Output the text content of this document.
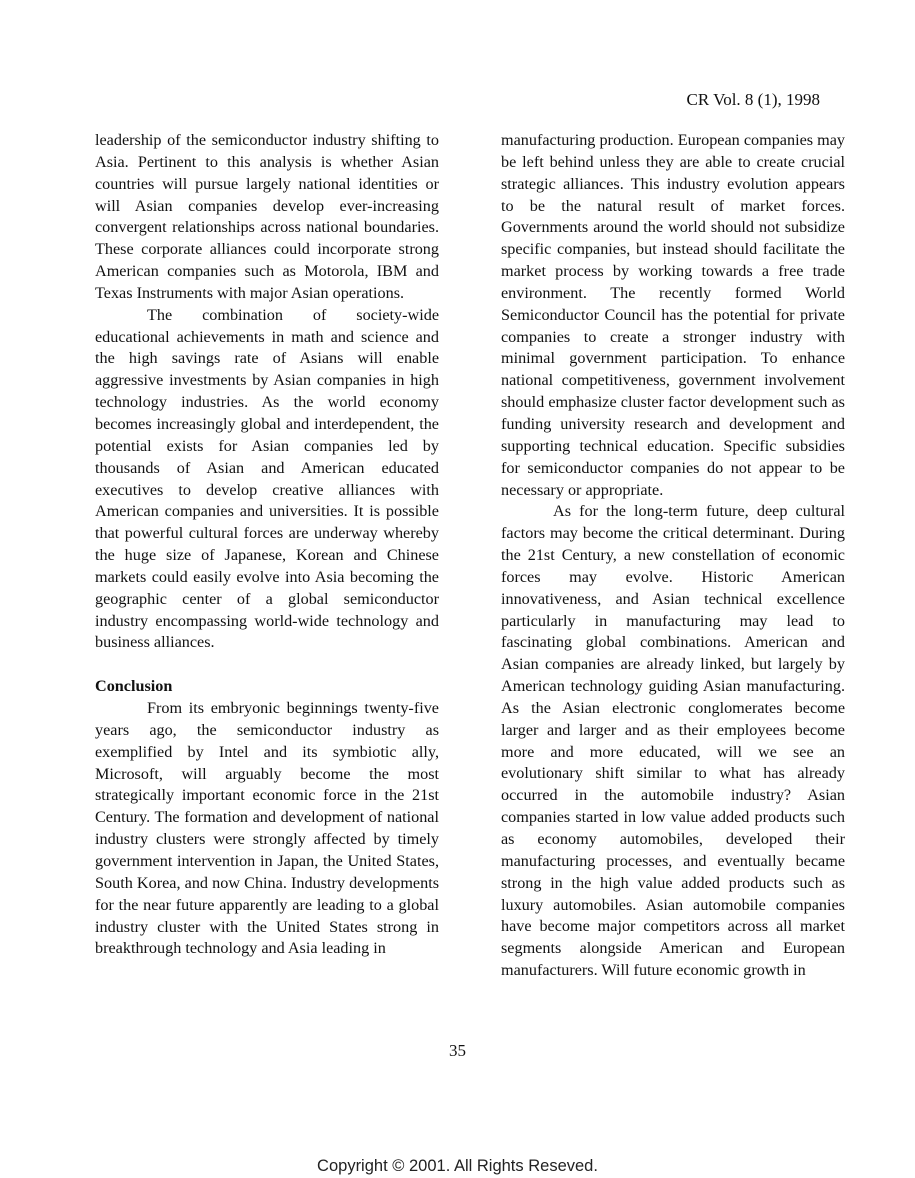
CR Vol. 8 (1), 1998

leadership of the semiconductor industry shifting to Asia. Pertinent to this analysis is whether Asian countries will pursue largely national identities or will Asian companies develop ever-increasing convergent relationships across national boundaries. These corporate alliances could incorporate strong American companies such as Motorola, IBM and Texas Instruments with major Asian operations.

The combination of society-wide educational achievements in math and science and the high savings rate of Asians will enable aggressive investments by Asian companies in high technology industries. As the world economy becomes increasingly global and interdependent, the potential exists for Asian companies led by thousands of Asian and American educated executives to develop creative alliances with American companies and universities. It is possible that powerful cultural forces are underway whereby the huge size of Japanese, Korean and Chinese markets could easily evolve into Asia becoming the geographic center of a global semiconductor industry encompassing world-wide technology and business alliances.

Conclusion

From its embryonic beginnings twenty-five years ago, the semiconductor industry as exemplified by Intel and its symbiotic ally, Microsoft, will arguably become the most strategically important economic force in the 21st Century. The formation and development of national industry clusters were strongly affected by timely government intervention in Japan, the United States, South Korea, and now China. Industry developments for the near future apparently are leading to a global industry cluster with the United States strong in breakthrough technology and Asia leading in

manufacturing production. European companies may be left behind unless they are able to create crucial strategic alliances. This industry evolution appears to be the natural result of market forces. Governments around the world should not subsidize specific companies, but instead should facilitate the market process by working towards a free trade environment. The recently formed World Semiconductor Council has the potential for private companies to create a stronger industry with minimal government participation. To enhance national competitiveness, government involvement should emphasize cluster factor development such as funding university research and development and supporting technical education. Specific subsidies for semiconductor companies do not appear to be necessary or appropriate.

As for the long-term future, deep cultural factors may become the critical determinant. During the 21st Century, a new constellation of economic forces may evolve. Historic American innovativeness, and Asian technical excellence particularly in manufacturing may lead to fascinating global combinations. American and Asian companies are already linked, but largely by American technology guiding Asian manufacturing. As the Asian electronic conglomerates become larger and larger and as their employees become more and more educated, will we see an evolutionary shift similar to what has already occurred in the automobile industry? Asian companies started in low value added products such as economy automobiles, developed their manufacturing processes, and eventually became strong in the high value added products such as luxury automobiles. Asian automobile companies have become major competitors across all market segments alongside American and European manufacturers. Will future economic growth in

35
Copyright © 2001. All Rights Reseved.
